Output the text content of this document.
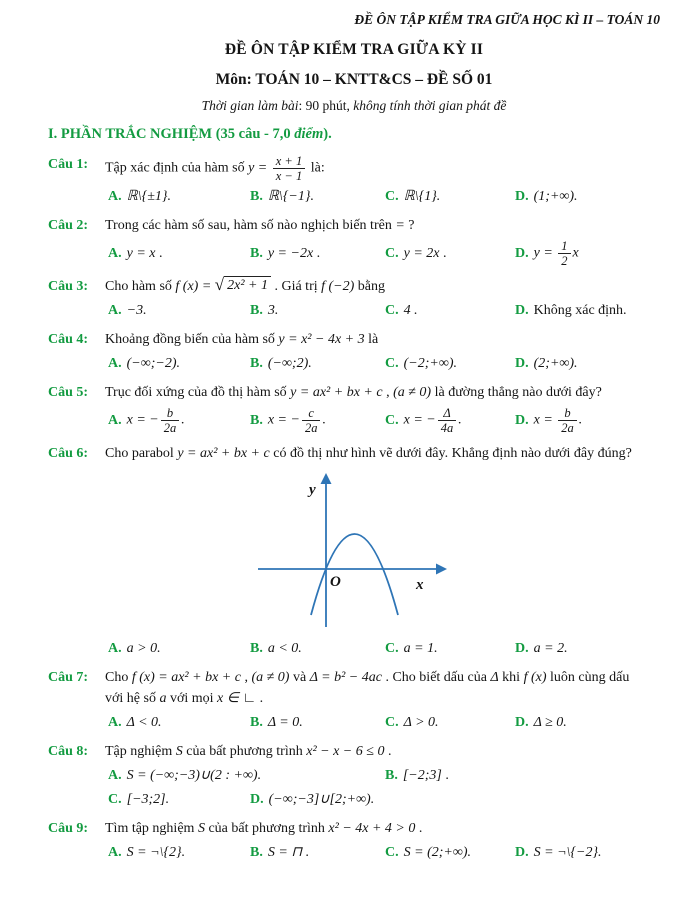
ĐỀ ÔN TẬP KIỂM TRA GIỮA HỌC KÌ II – TOÁN 10
ĐỀ ÔN TẬP KIỂM TRA GIỮA KỲ II
Môn: TOÁN 10 – KNTT&CS – ĐỀ SỐ 01
Thời gian làm bài: 90 phút, không tính thời gian phát đề
I. PHẦN TRẮC NGHIỆM (35 câu - 7,0 điểm).
Câu 1:	Tập xác định của hàm số $y = \frac{x + 1}{x - 1}$ là:
A. ℝ\{±1}.	B. ℝ\{−1}.	C. ℝ\{1}.	D. (1;+∞).
Câu 2:	Trong các hàm số sau, hàm số nào nghịch biến trên = ?
A. y = x .	B. y = −2x .	C. y = 2x .	D. $y = \frac{1}{2}$ x
Câu 3:	Cho hàm số f (x) = √ 2x² + 1 . Giá trị f (−2) bằng
A. −3.	B. 3.	C. 4 .	D. Không xác định.
Câu 4:	Khoảng đồng biến của hàm số y = x² − 4x + 3 là
A. (−∞;−2).	B. (−∞;2).	C. (−2;+∞).	D. (2;+∞).
Câu 5:	Trục đối xứng của đồ thị hàm số y = ax² + bx + c , (a ≠ 0) là đường thẳng nào dưới đây?
A. x = − $\frac{b}{2a}$ .	B. x = − $\frac{c}{2a}$ .	C. x = − $\frac{\Delta}{4a}$ .	D. $x = \frac{b}{2a}$ .
Câu 6:	Cho parabol y = ax² + bx + c có đồ thị như hình vẽ dưới đây. Khẳng định nào dưới đây đúng?
y
x
O
A. a > 0.	B. a < 0.	C. a = 1.	D. a = 2.
Câu 7:	Cho f (x) = ax² + bx + c , (a ≠ 0) và Δ = b² − 4ac . Cho biết dấu của Δ khi f (x) luôn cùng dấu
với hệ số a với mọi x ∈ ∟ .
A. Δ < 0.	B. Δ = 0.	C. Δ > 0.	D. Δ ≥ 0.
Câu 8:	Tập nghiệm S của bất phương trình x² − x − 6 ≤ 0 .
A. S = (−∞;−3)∪(2 : +∞).	B. [−2;3] .
C. [−3;2].	D. (−∞;−3]∪[2;+∞).
Câu 9:	Tìm tập nghiệm S của bất phương trình x² − 4x + 4 > 0 .
A. S = ¬\{2}.	B. S = ⊓ .	C. S = (2;+∞).	D. S = ¬\{−2}.
